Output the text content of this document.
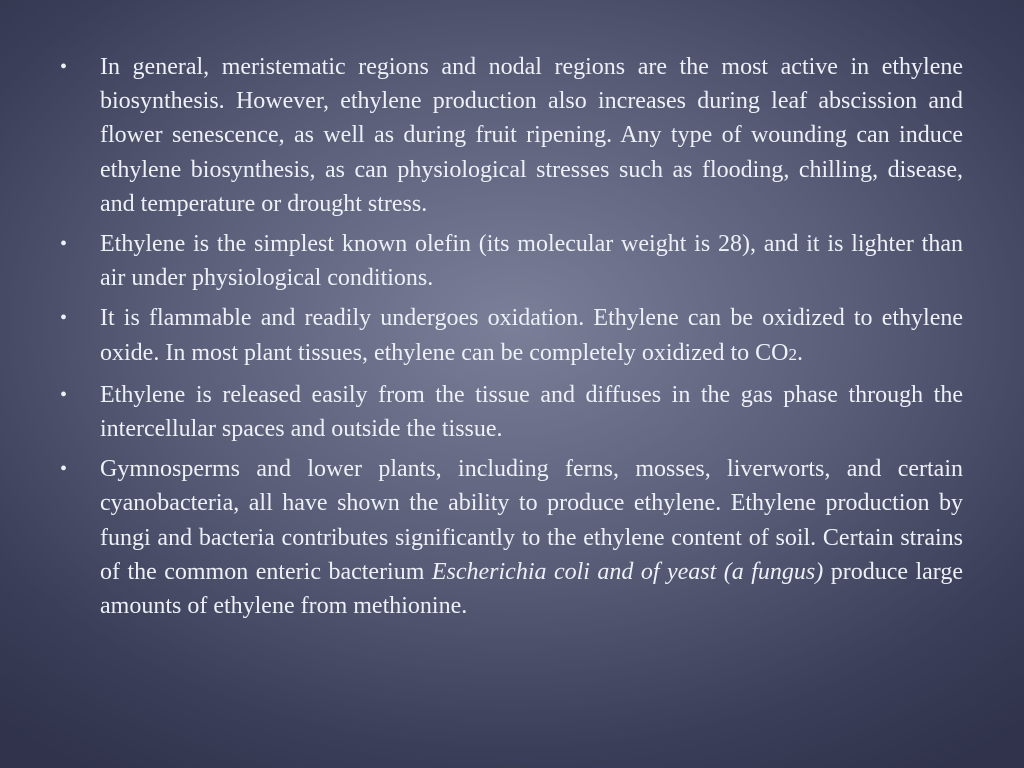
• In general, meristematic regions and nodal regions are the most active in ethylene biosynthesis. However, ethylene production also increases during leaf abscission and flower senescence, as well as during fruit ripening. Any type of wounding can induce ethylene biosynthesis, as can physiological stresses such as flooding, chilling, disease, and temperature or drought stress.
• Ethylene is the simplest known olefin (its molecular weight is 28), and it is lighter than air under physiological conditions.
• It is flammable and readily undergoes oxidation. Ethylene can be oxidized to ethylene oxide. In most plant tissues, ethylene can be completely oxidized to CO2.
• Ethylene is released easily from the tissue and diffuses in the gas phase through the intercellular spaces and outside the tissue.
• Gymnosperms and lower plants, including ferns, mosses, liverworts, and certain cyanobacteria, all have shown the ability to produce ethylene. Ethylene production by fungi and bacteria contributes significantly to the ethylene content of soil. Certain strains of the common enteric bacterium Escherichia coli and of yeast (a fungus) produce large amounts of ethylene from methionine.
